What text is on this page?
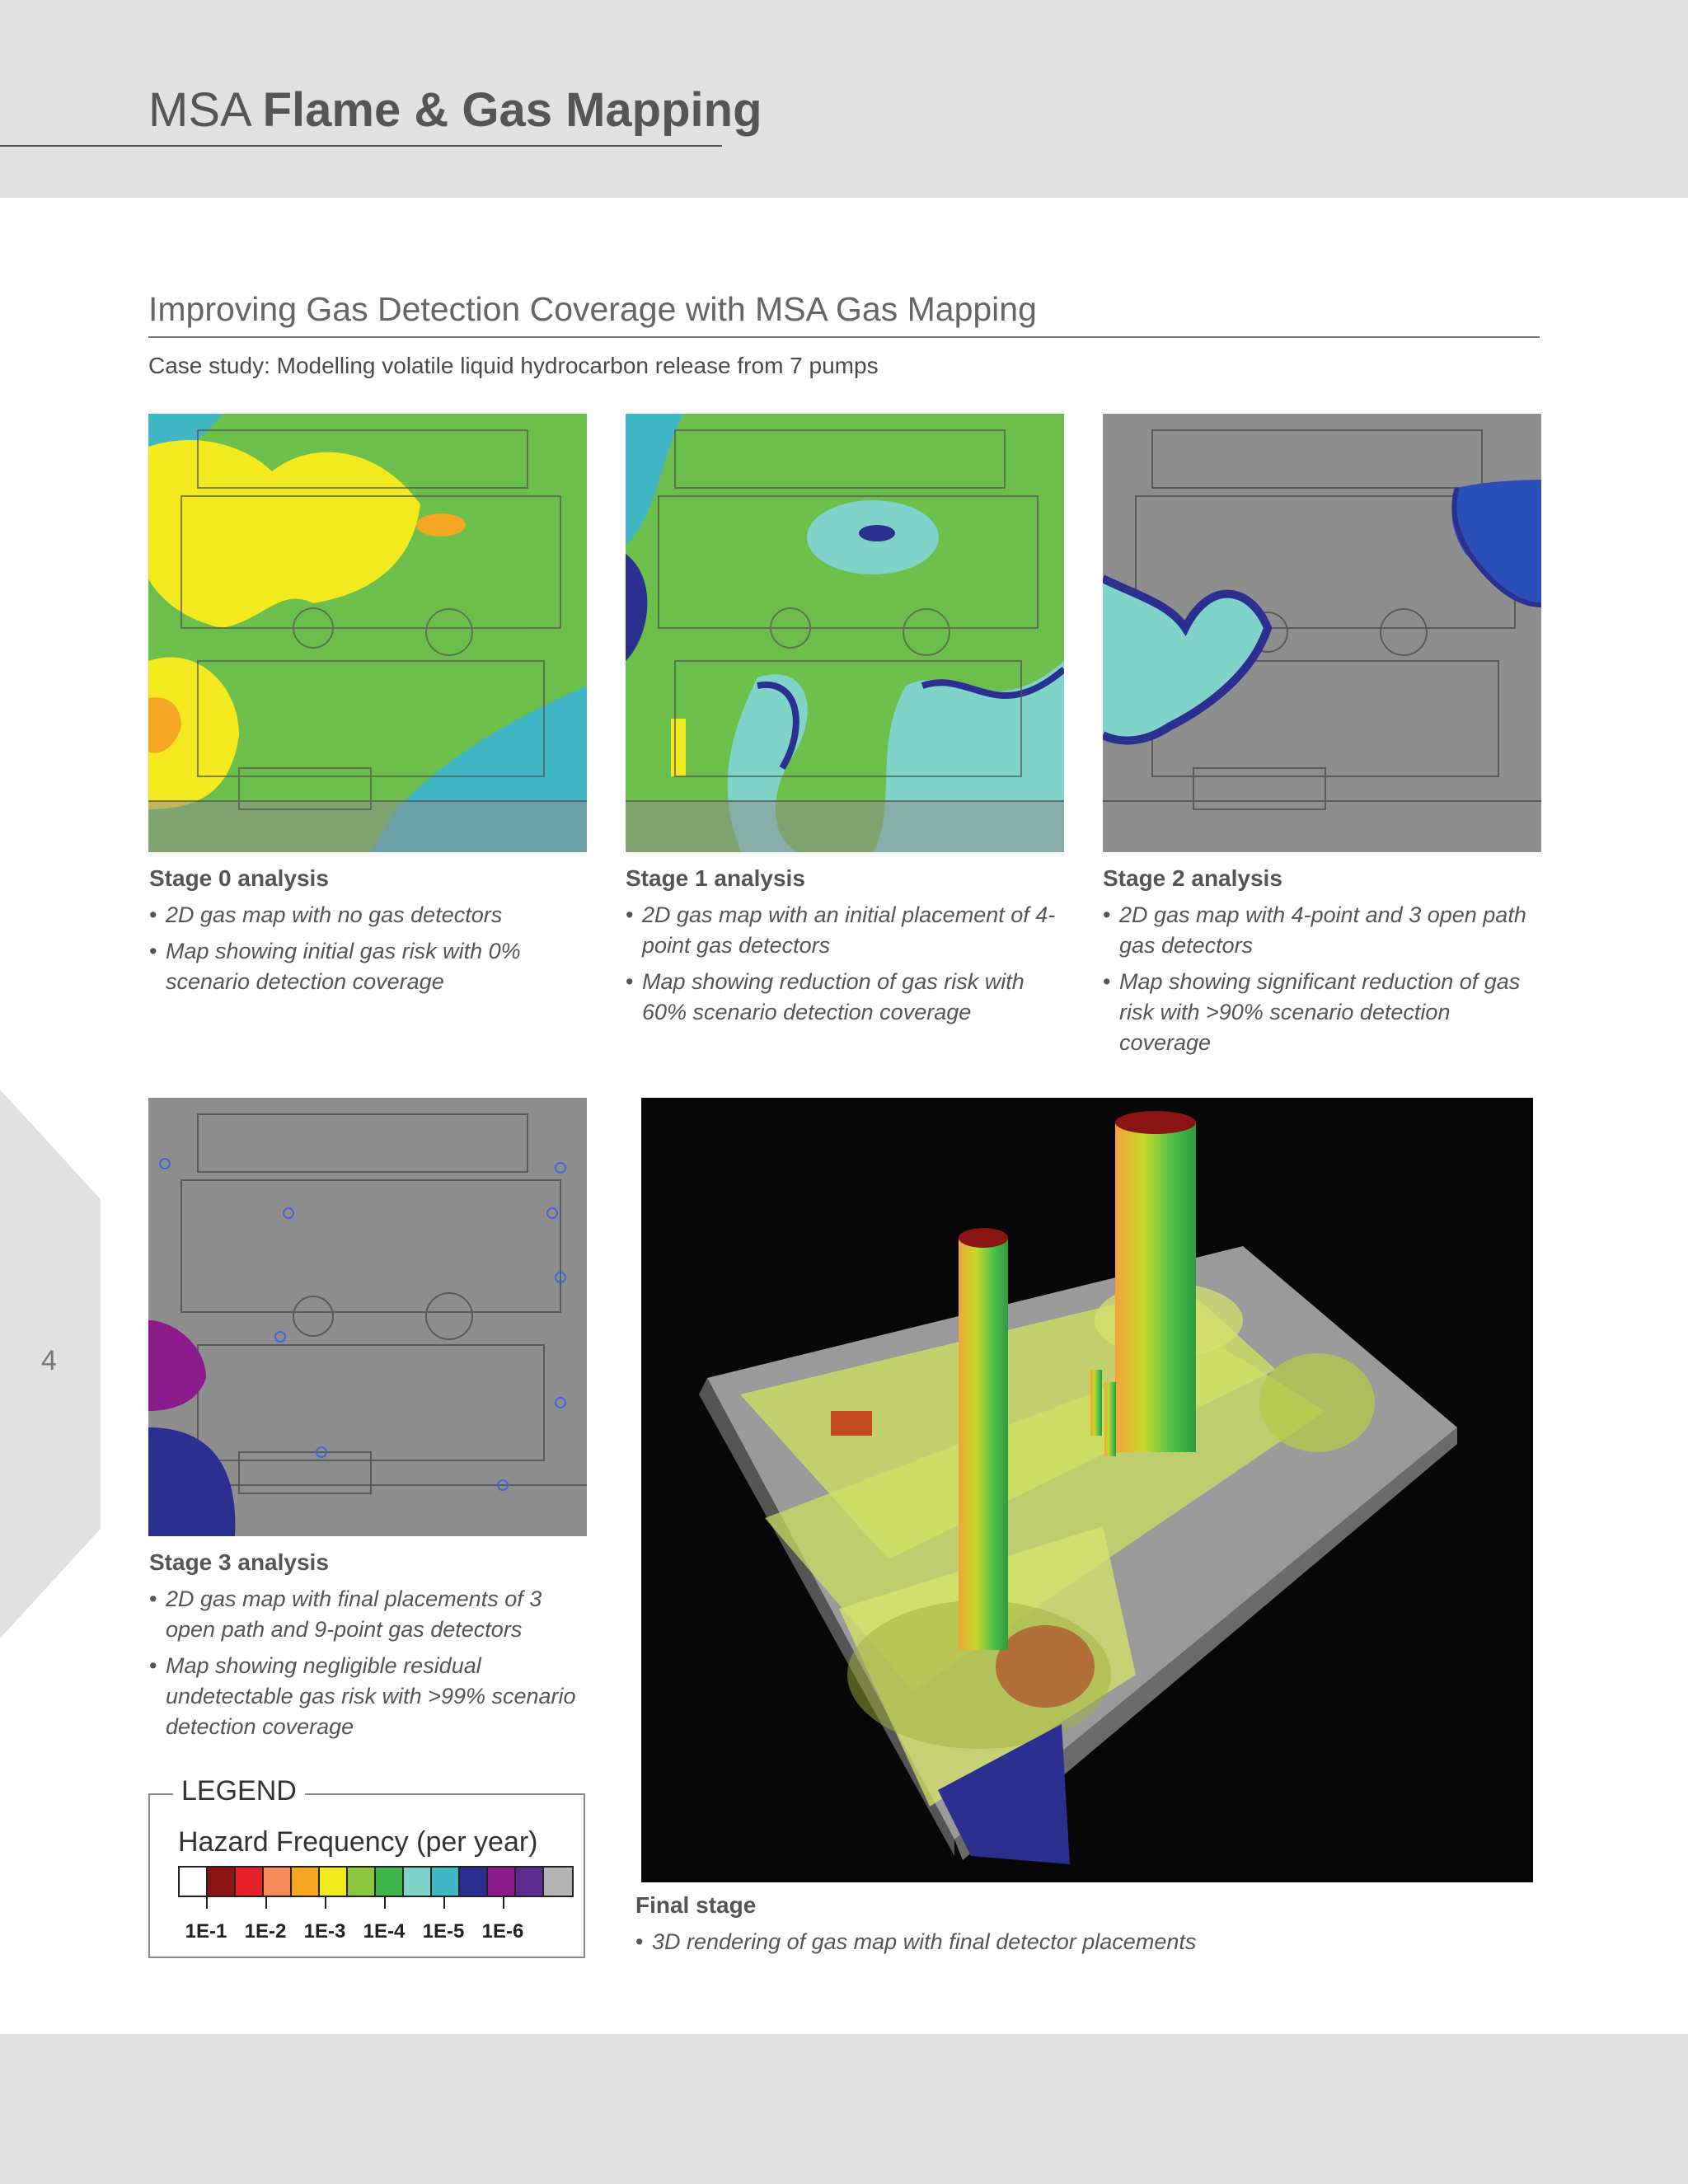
MSA Flame & Gas Mapping
4
Improving Gas Detection Coverage with MSA Gas Mapping
Case study: Modelling volatile liquid hydrocarbon release from 7 pumps
Stage 0 analysis
• 2D gas map with no gas detectors
• Map showing initial gas risk with 0% scenario detection coverage
Stage 1 analysis
• 2D gas map with an initial placement of 4-point gas detectors
• Map showing reduction of gas risk with 60% scenario detection coverage
Stage 2 analysis
• 2D gas map with 4-point and 3 open path gas detectors
• Map showing significant reduction of gas risk with >90% scenario detection coverage
Stage 3 analysis
• 2D gas map with final placements of 3 open path and 9-point gas detectors
• Map showing negligible residual undetectable gas risk with >99% scenario detection coverage
Final stage
• 3D rendering of gas map with final detector placements
LEGEND
Hazard Frequency (per year)
1E-1 1E-2 1E-3 1E-4 1E-5 1E-6
